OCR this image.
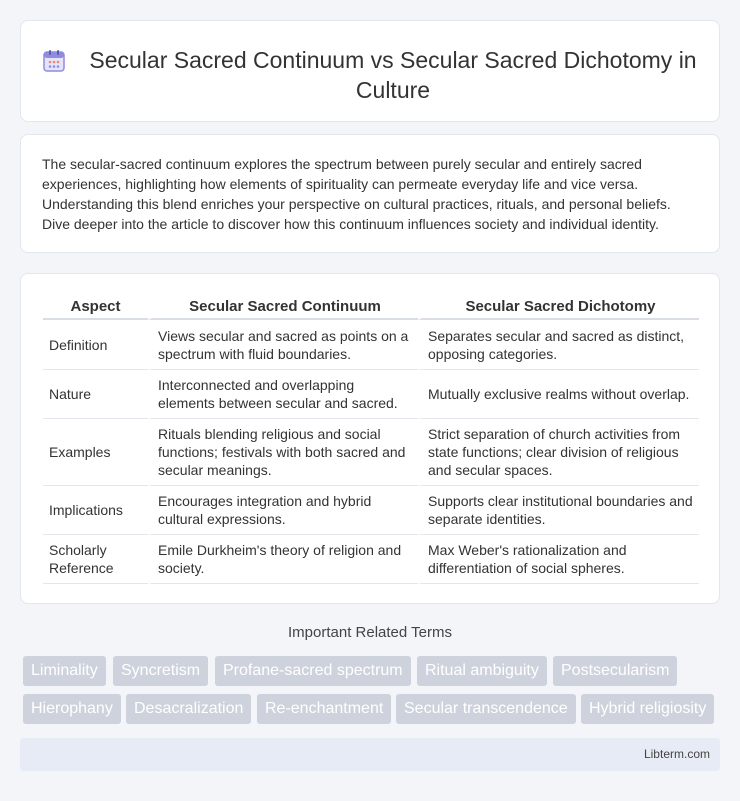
Secular Sacred Continuum vs Secular Sacred Dichotomy in Culture

The secular-sacred continuum explores the spectrum between purely secular and entirely sacred experiences, highlighting how elements of spirituality can permeate everyday life and vice versa. Understanding this blend enriches your perspective on cultural practices, rituals, and personal beliefs. Dive deeper into the article to discover how this continuum influences society and individual identity.

Aspect	Secular Sacred Continuum	Secular Sacred Dichotomy
Definition	Views secular and sacred as points on a spectrum with fluid boundaries.	Separates secular and sacred as distinct, opposing categories.
Nature	Interconnected and overlapping elements between secular and sacred.	Mutually exclusive realms without overlap.
Examples	Rituals blending religious and social functions; festivals with both sacred and secular meanings.	Strict separation of church activities from state functions; clear division of religious and secular spaces.
Implications	Encourages integration and hybrid cultural expressions.	Supports clear institutional boundaries and separate identities.
Scholarly Reference	Emile Durkheim's theory of religion and society.	Max Weber's rationalization and differentiation of social spheres.
Important Related Terms
Liminality	Syncretism	Profane-sacred spectrum	Ritual ambiguity	Postsecularism
Hierophany	Desacralization	Re-enchantment	Secular transcendence	Hybrid religiosity
Libterm.com
